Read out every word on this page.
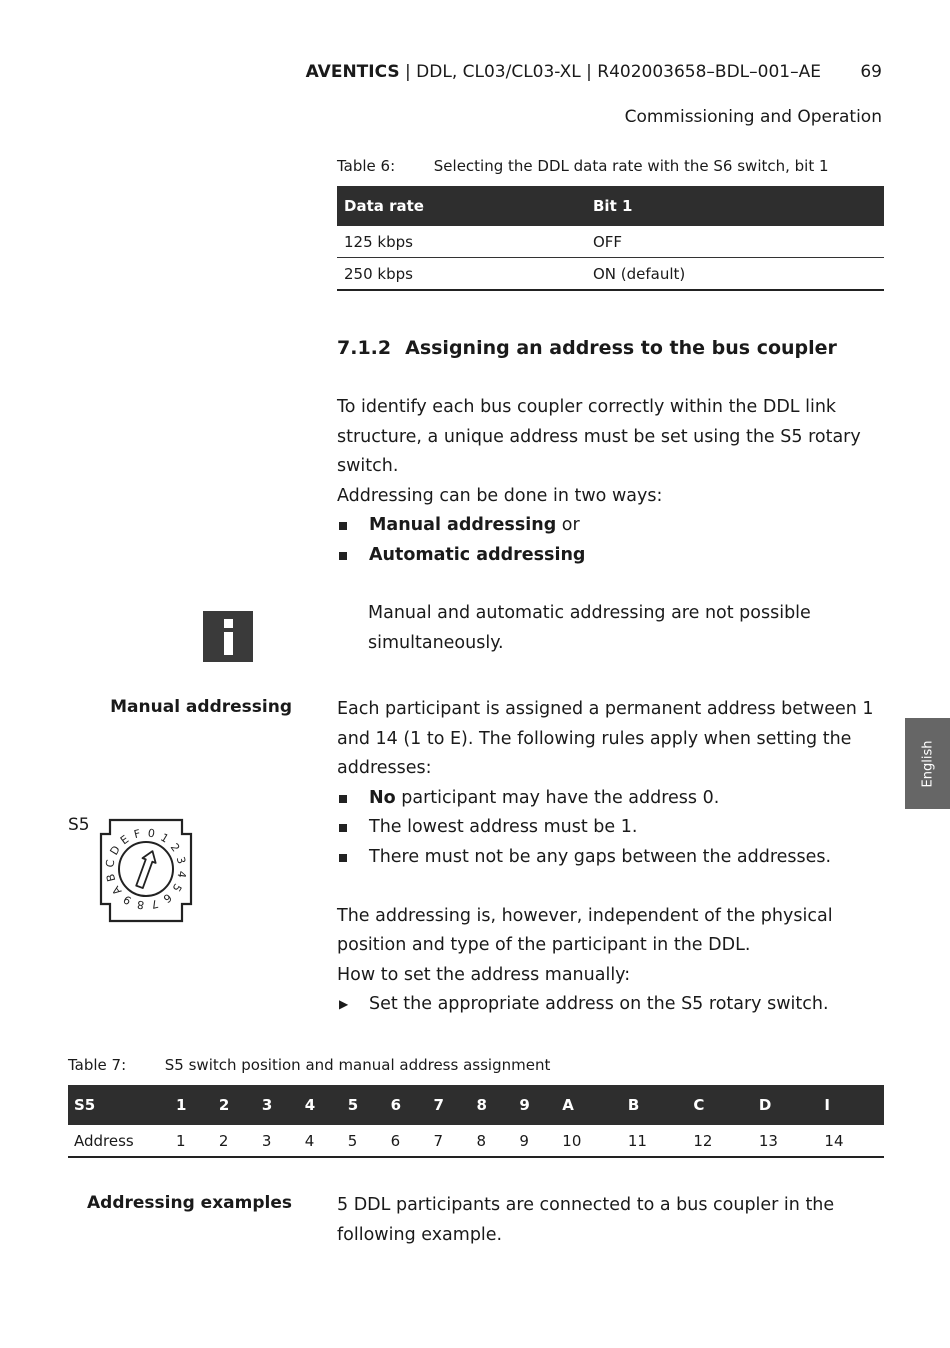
AVENTICS | DDL, CL03/CL03-XL | R402003658–BDL–001–AE 69
Commissioning and Operation
Table 6:	Selecting the DDL data rate with the S6 switch, bit 1
Data rate	Bit 1
125 kbps	OFF
250 kbps	ON (default)
7.1.2 Assigning an address to the bus coupler

To identify each bus coupler correctly within the DDL link structure, a unique address must be set using the S5 rotary switch.

Addressing can be done in two ways:

Manual addressing or
Automatic addressing

Manual and automatic addressing are not possible simultaneously.

Manual addressing	Each participant is assigned a permanent address between 1 and 14 (1 to E). The following rules apply when setting the addresses:

No participant may have the address 0.
The lowest address must be 1.
There must not be any gaps between the addresses.

The addressing is, however, independent of the physical position and type of the participant in the DDL.

How to set the address manually:

▶ Set the appropriate address on the S5 rotary switch.
S5	0 1
2
3
4
5
6
7
8
9
A
B
C
D
E F
Table 7:	S5 switch position and manual address assignment
S5	1	2	3	4	5	6	7	8	9	A	B	C	D	I
Address	1	2	3	4	5	6	7	8	9	10	11	12	13	14
Addressing examples	5 DDL participants are connected to a bus coupler in the following example.

English
